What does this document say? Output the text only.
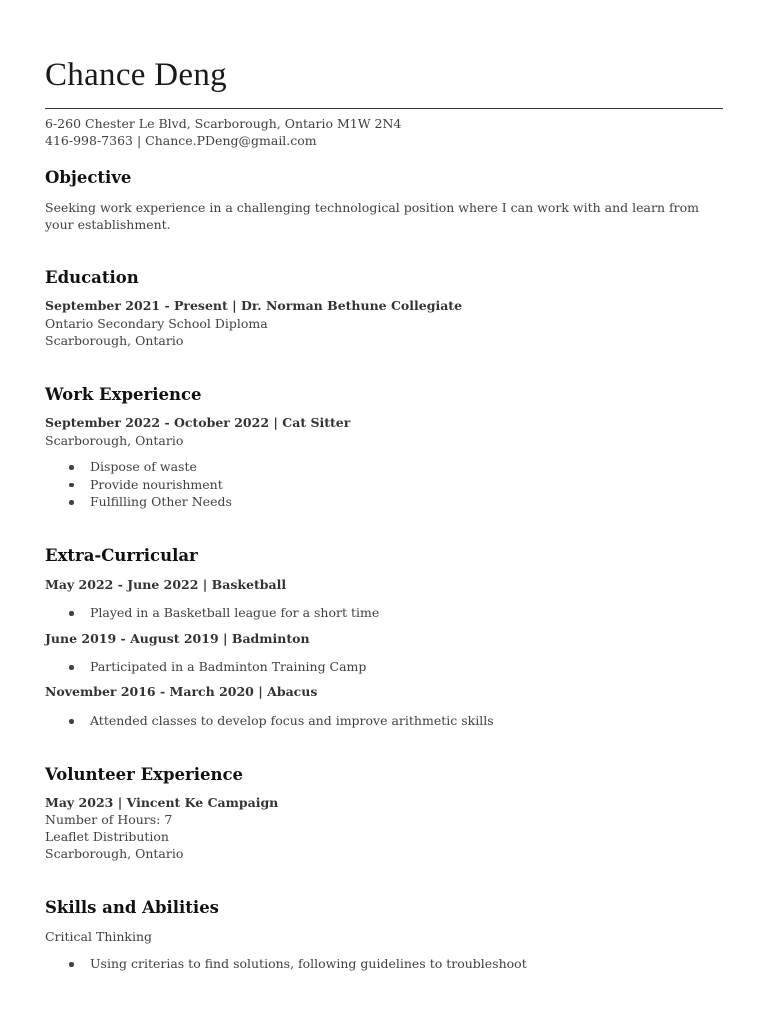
Chance Deng
6-260 Chester Le Blvd, Scarborough, Ontario M1W 2N4
416-998-7363 | Chance.PDeng@gmail.com
Objective
Seeking work experience in a challenging technological position where I can work with and learn from your establishment.
Education
September 2021 - Present | Dr. Norman Bethune Collegiate
Ontario Secondary School Diploma
Scarborough, Ontario
Work Experience
September 2022 - October 2022 | Cat Sitter
Scarborough, Ontario
Dispose of waste
Provide nourishment
Fulfilling Other Needs
Extra-Curricular
May 2022 - June 2022 | Basketball
Played in a Basketball league for a short time
June 2019 - August 2019 | Badminton
Participated in a Badminton Training Camp
November 2016 - March 2020 | Abacus
Attended classes to develop focus and improve arithmetic skills
Volunteer Experience
May 2023 | Vincent Ke Campaign
Number of Hours: 7
Leaflet Distribution
Scarborough, Ontario
Skills and Abilities
Critical Thinking
Using criterias to find solutions, following guidelines to troubleshoot
